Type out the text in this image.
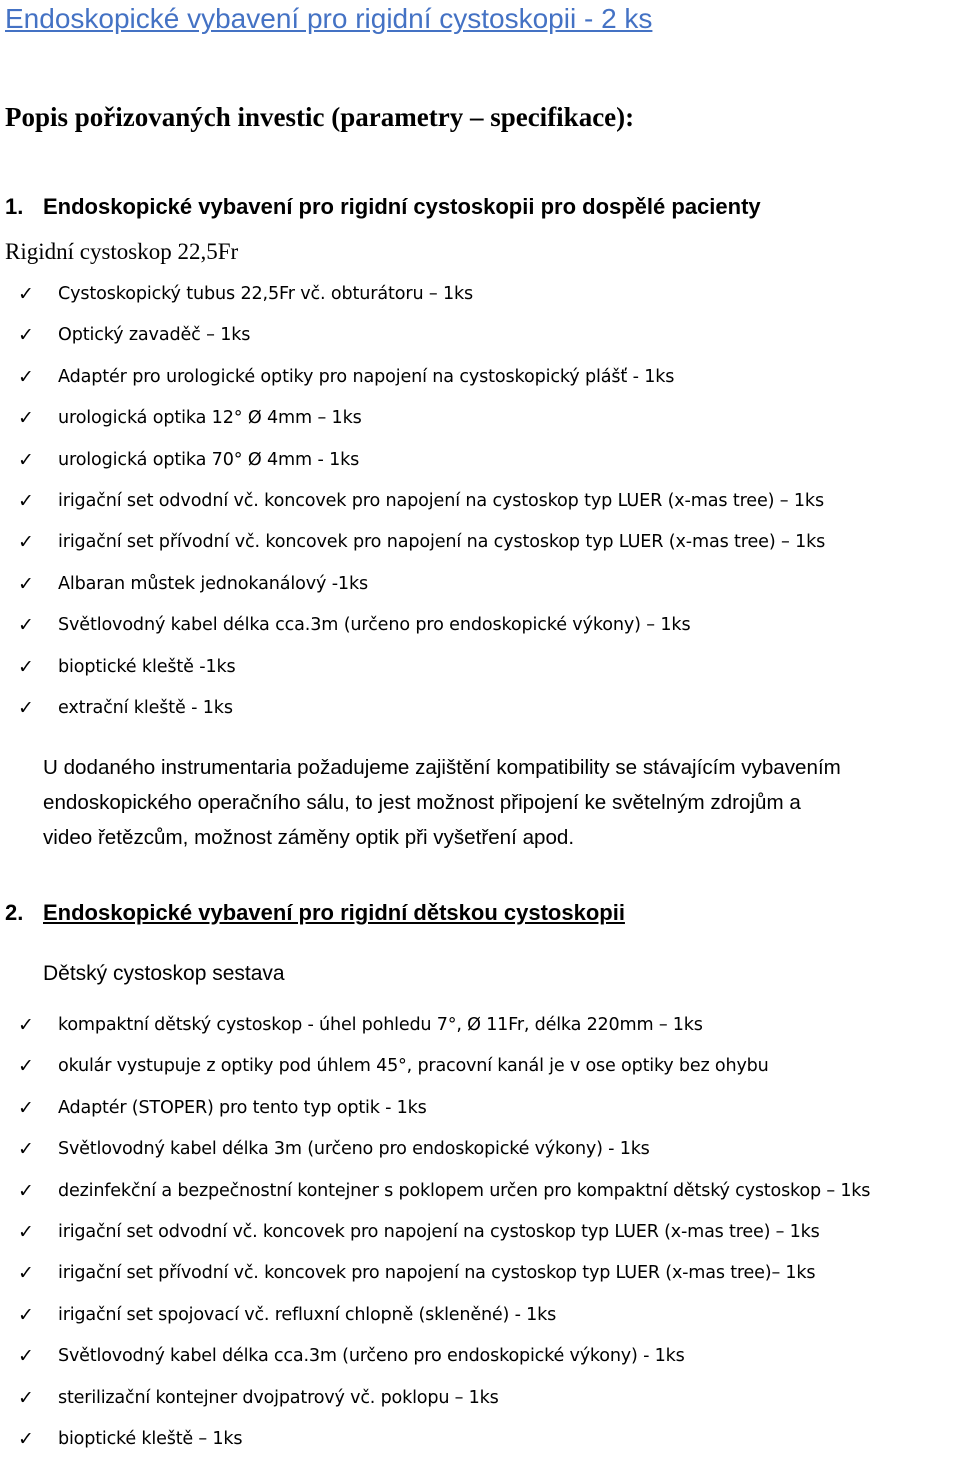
Endoskopické vybavení pro rigidní cystoskopii - 2 ks
Popis pořizovaných investic (parametry – specifikace):
1. Endoskopické vybavení pro rigidní cystoskopii pro dospělé pacienty
Rigidní cystoskop 22,5Fr
✓ Cystoskopický tubus 22,5Fr vč. obturátoru – 1ks
✓ Optický zavaděč – 1ks
✓ Adaptér pro urologické optiky pro napojení na cystoskopický plášť - 1ks
✓ urologická optika 12° Ø 4mm – 1ks
✓ urologická optika 70° Ø 4mm - 1ks
✓ irigační set odvodní vč. koncovek pro napojení na cystoskop typ LUER (x-mas tree) – 1ks
✓ irigační set přívodní vč. koncovek pro napojení na cystoskop typ LUER (x-mas tree) – 1ks
✓ Albaran můstek jednokanálový -1ks
✓ Světlovodný kabel délka cca.3m (určeno pro endoskopické výkony) – 1ks
✓ bioptické kleště -1ks
✓ extrační kleště - 1ks
U dodaného instrumentaria požadujeme zajištění kompatibility se stávajícím vybavením
endoskopického operačního sálu, to jest možnost připojení ke světelným zdrojům a
video řetězcům, možnost záměny optik při vyšetření apod.
2. Endoskopické vybavení pro rigidní dětskou cystoskopii
Dětský cystoskop sestava
✓ kompaktní dětský cystoskop - úhel pohledu 7°, Ø 11Fr, délka 220mm – 1ks
✓ okulár vystupuje z optiky pod úhlem 45°, pracovní kanál je v ose optiky bez ohybu
✓ Adaptér (STOPER) pro tento typ optik - 1ks
✓ Světlovodný kabel délka 3m (určeno pro endoskopické výkony) - 1ks
✓ dezinfekční a bezpečnostní kontejner s poklopem určen pro kompaktní dětský cystoskop – 1ks
✓ irigační set odvodní vč. koncovek pro napojení na cystoskop typ LUER (x-mas tree) – 1ks
✓ irigační set přívodní vč. koncovek pro napojení na cystoskop typ LUER (x-mas tree)– 1ks
✓ irigační set spojovací vč. refluxní chlopně (skleněné) - 1ks
✓ Světlovodný kabel délka cca.3m (určeno pro endoskopické výkony) - 1ks
✓ sterilizační kontejner dvojpatrový vč. poklopu – 1ks
✓ bioptické kleště – 1ks
